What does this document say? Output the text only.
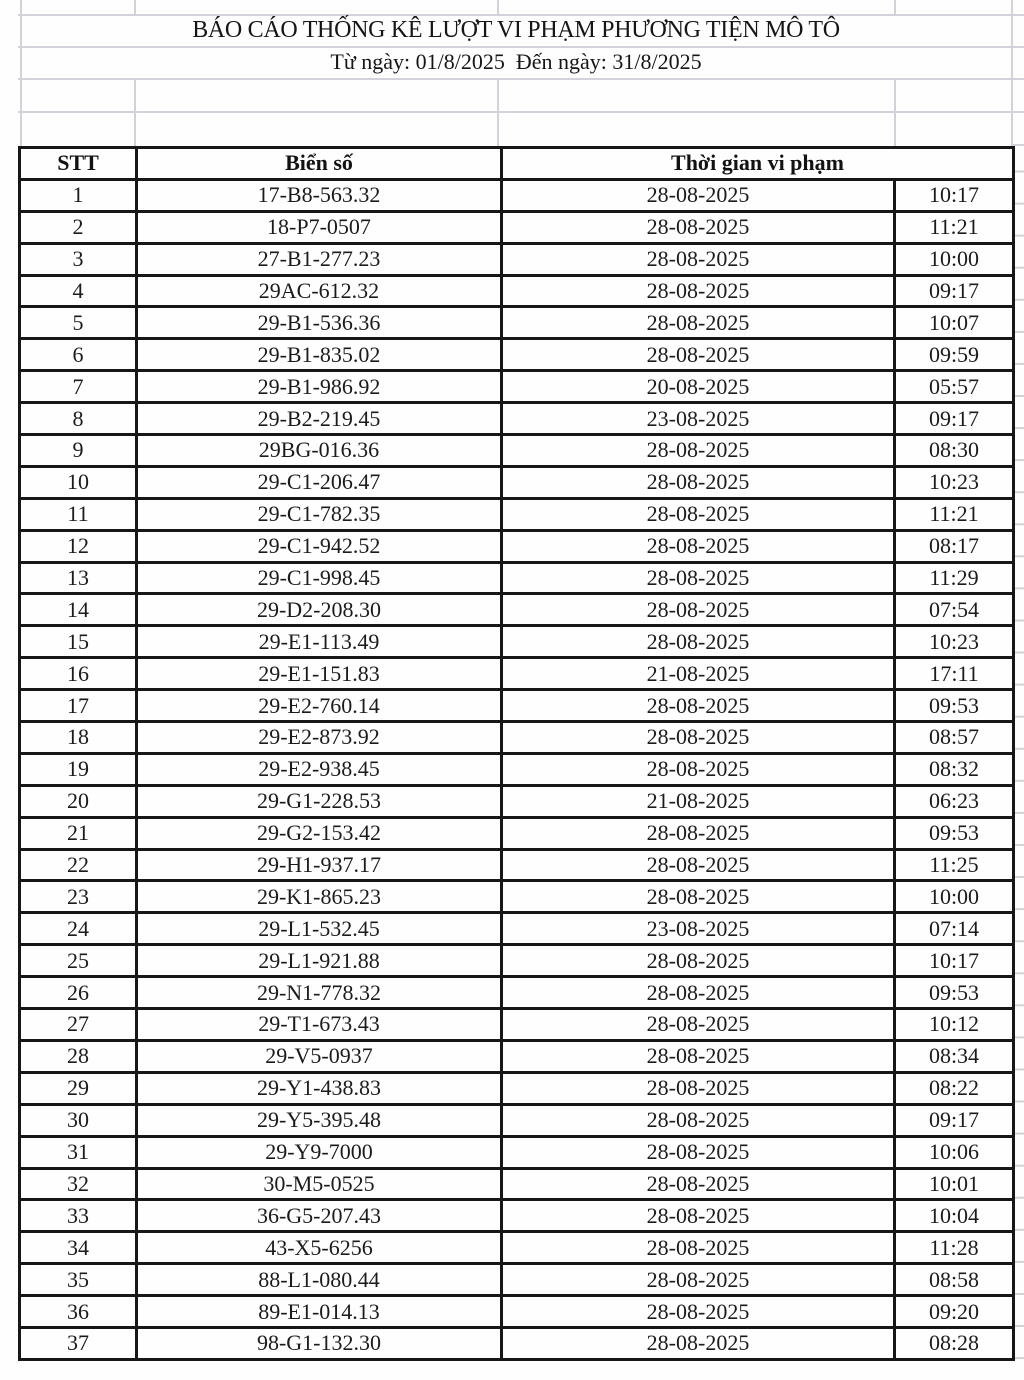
BÁO CÁO THỐNG KÊ LƯỢT VI PHẠM PHƯƠNG TIỆN MÔ TÔ
Từ ngày: 01/8/2025  Đến ngày: 31/8/2025
STT	Biển số	Thời gian vi phạm	
1	17-B8-563.32	28-08-2025	10:17
2	18-P7-0507	28-08-2025	11:21
3	27-B1-277.23	28-08-2025	10:00
4	29AC-612.32	28-08-2025	09:17
5	29-B1-536.36	28-08-2025	10:07
6	29-B1-835.02	28-08-2025	09:59
7	29-B1-986.92	20-08-2025	05:57
8	29-B2-219.45	23-08-2025	09:17
9	29BG-016.36	28-08-2025	08:30
10	29-C1-206.47	28-08-2025	10:23
11	29-C1-782.35	28-08-2025	11:21
12	29-C1-942.52	28-08-2025	08:17
13	29-C1-998.45	28-08-2025	11:29
14	29-D2-208.30	28-08-2025	07:54
15	29-E1-113.49	28-08-2025	10:23
16	29-E1-151.83	21-08-2025	17:11
17	29-E2-760.14	28-08-2025	09:53
18	29-E2-873.92	28-08-2025	08:57
19	29-E2-938.45	28-08-2025	08:32
20	29-G1-228.53	21-08-2025	06:23
21	29-G2-153.42	28-08-2025	09:53
22	29-H1-937.17	28-08-2025	11:25
23	29-K1-865.23	28-08-2025	10:00
24	29-L1-532.45	23-08-2025	07:14
25	29-L1-921.88	28-08-2025	10:17
26	29-N1-778.32	28-08-2025	09:53
27	29-T1-673.43	28-08-2025	10:12
28	29-V5-0937	28-08-2025	08:34
29	29-Y1-438.83	28-08-2025	08:22
30	29-Y5-395.48	28-08-2025	09:17
31	29-Y9-7000	28-08-2025	10:06
32	30-M5-0525	28-08-2025	10:01
33	36-G5-207.43	28-08-2025	10:04
34	43-X5-6256	28-08-2025	11:28
35	88-L1-080.44	28-08-2025	08:58
36	89-E1-014.13	28-08-2025	09:20
37	98-G1-132.30	28-08-2025	08:28
